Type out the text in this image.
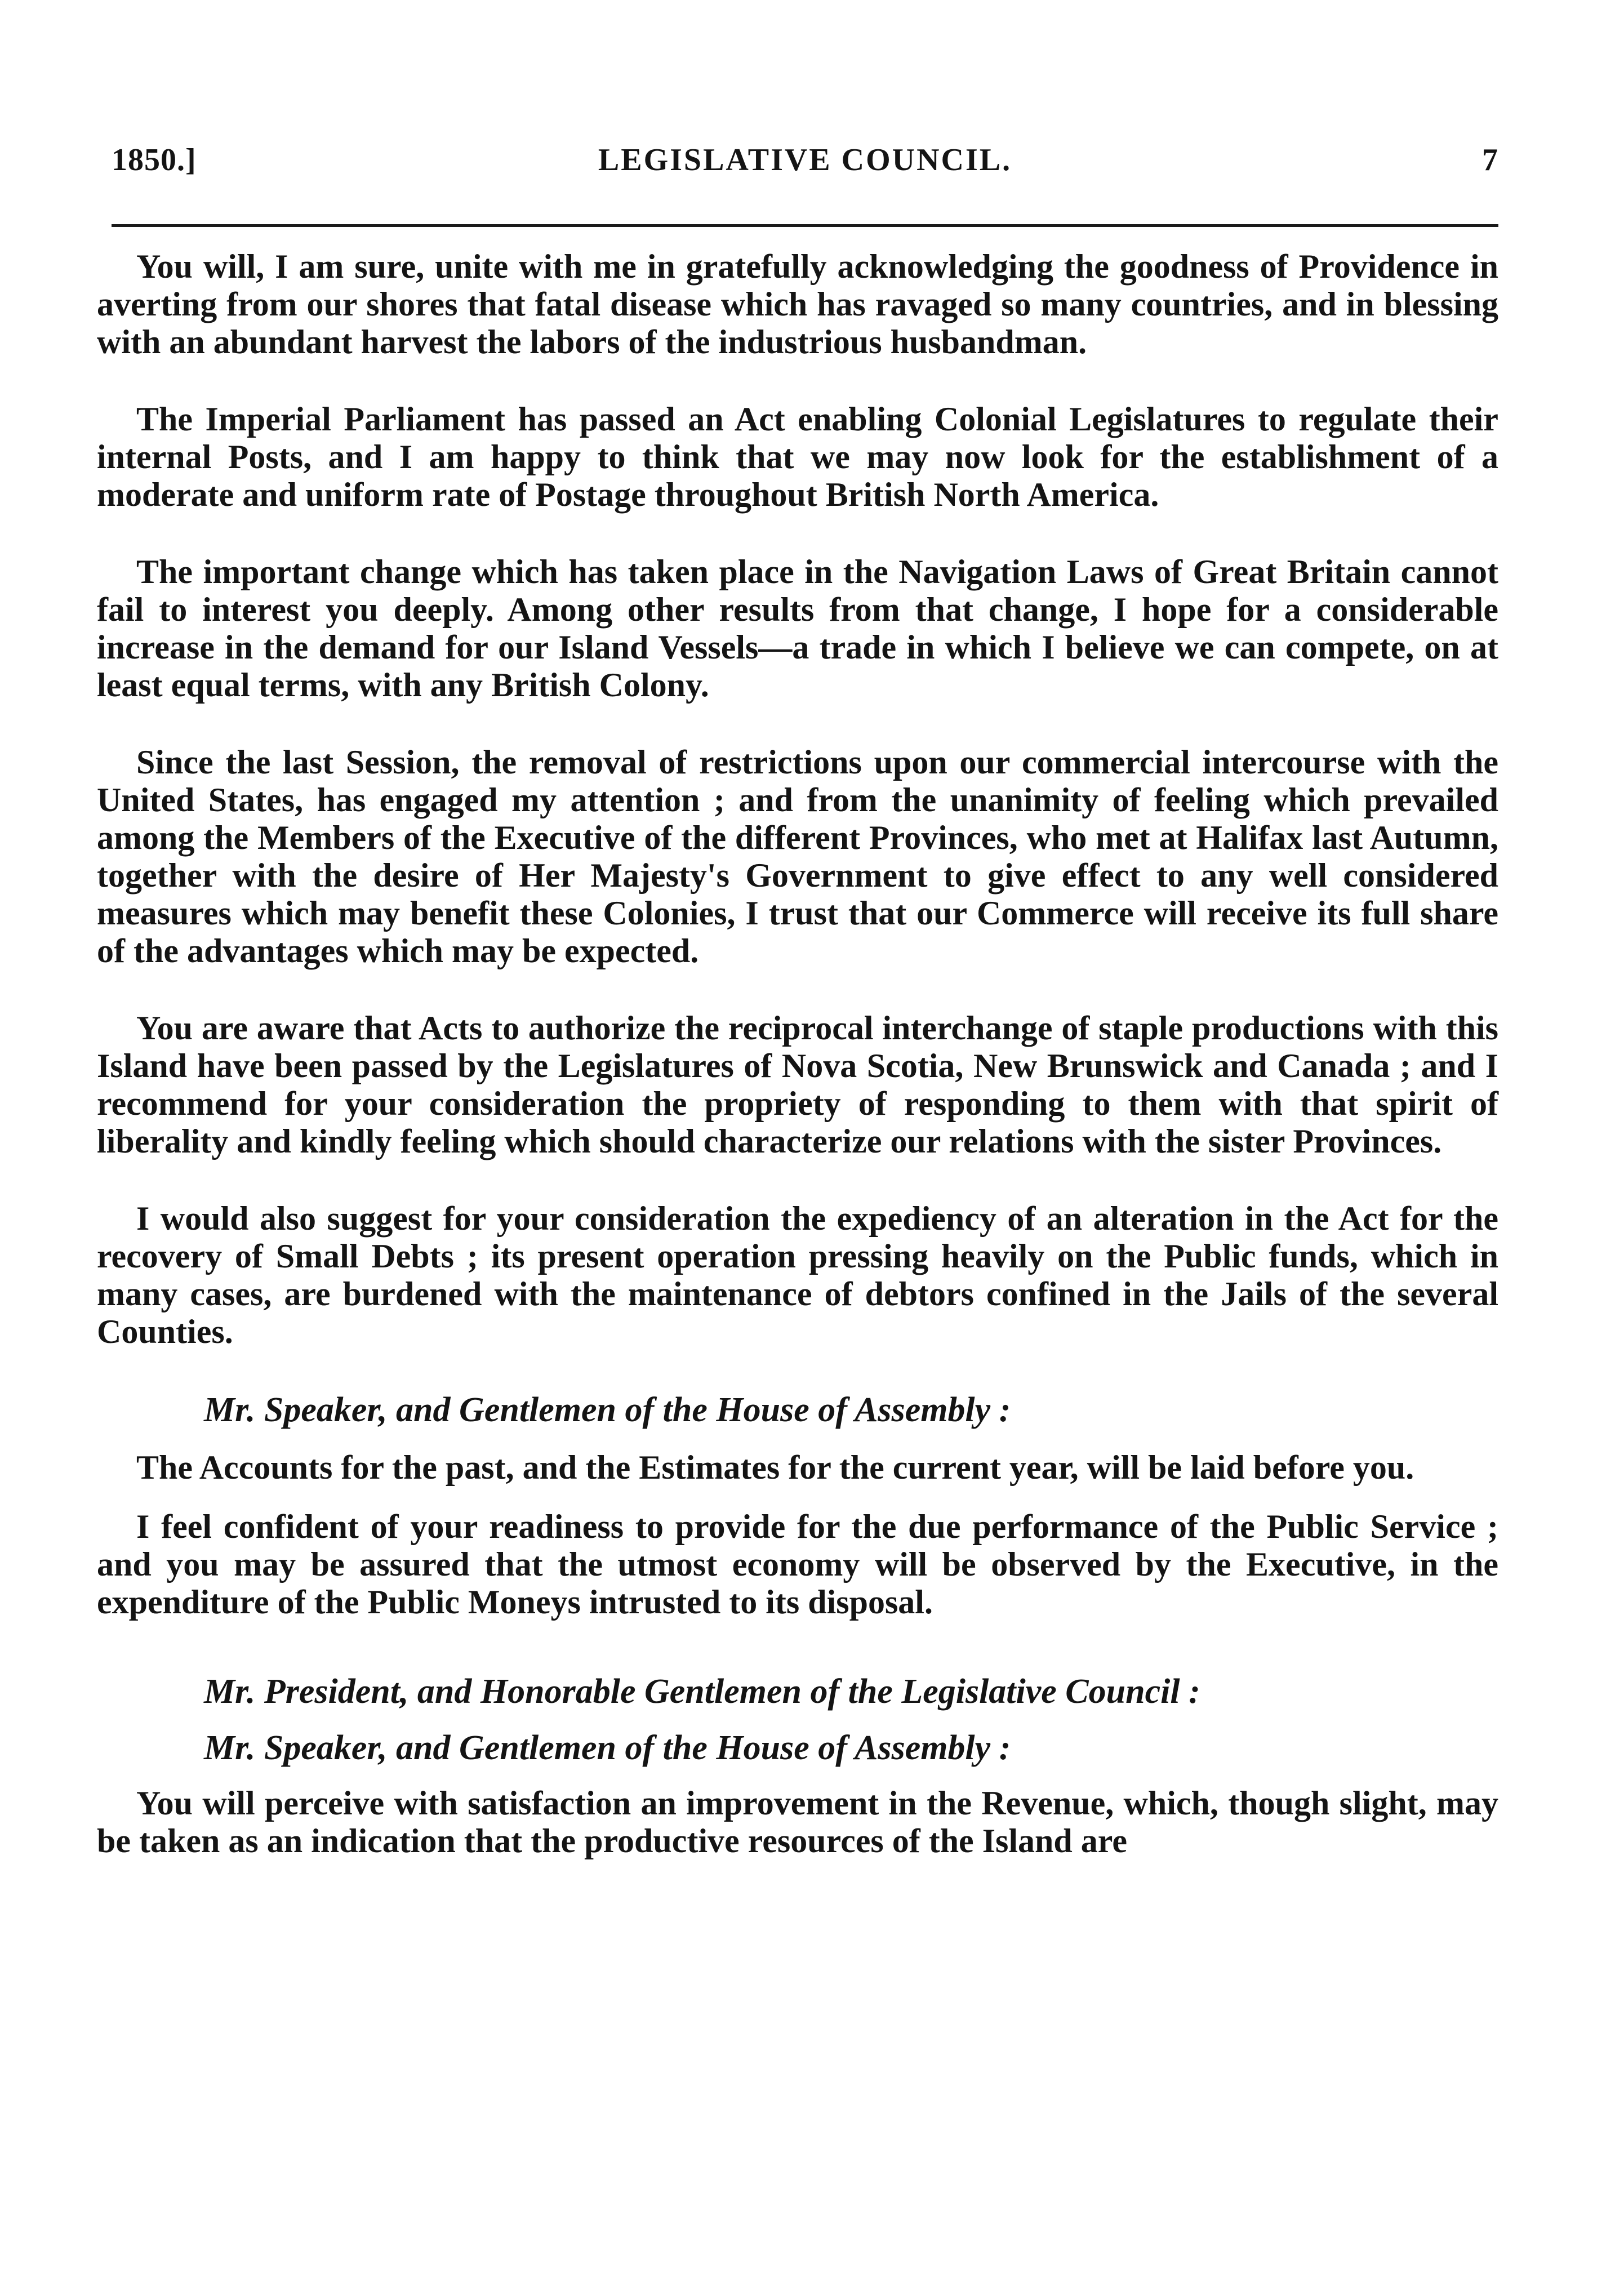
1850.]	LEGISLATIVE COUNCIL.	7

You will, I am sure, unite with me in gratefully acknowledging the goodness of Providence in averting from our shores that fatal disease which has ravaged so many countries, and in blessing with an abundant harvest the labors of the industrious husbandman.

The Imperial Parliament has passed an Act enabling Colonial Legislatures to regulate their internal Posts, and I am happy to think that we may now look for the establishment of a moderate and uniform rate of Postage throughout British North America.

The important change which has taken place in the Navigation Laws of Great Britain cannot fail to interest you deeply. Among other results from that change, I hope for a considerable increase in the demand for our Island Vessels—a trade in which I believe we can compete, on at least equal terms, with any British Colony.

Since the last Session, the removal of restrictions upon our commercial intercourse with the United States, has engaged my attention ; and from the unanimity of feeling which prevailed among the Members of the Executive of the different Provinces, who met at Halifax last Autumn, together with the desire of Her Majesty's Government to give effect to any well considered measures which may benefit these Colonies, I trust that our Commerce will receive its full share of the advantages which may be expected.

You are aware that Acts to authorize the reciprocal interchange of staple productions with this Island have been passed by the Legislatures of Nova Scotia, New Brunswick and Canada ; and I recommend for your consideration the propriety of responding to them with that spirit of liberality and kindly feeling which should characterize our relations with the sister Provinces.

I would also suggest for your consideration the expediency of an alteration in the Act for the recovery of Small Debts ; its present operation pressing heavily on the Public funds, which in many cases, are burdened with the maintenance of debtors confined in the Jails of the several Counties.

Mr. Speaker, and Gentlemen of the House of Assembly :

The Accounts for the past, and the Estimates for the current year, will be laid before you.

I feel confident of your readiness to provide for the due performance of the Public Service ; and you may be assured that the utmost economy will be observed by the Executive, in the expenditure of the Public Moneys intrusted to its disposal.

Mr. President, and Honorable Gentlemen of the Legislative Council :

Mr. Speaker, and Gentlemen of the House of Assembly :

You will perceive with satisfaction an improvement in the Revenue, which, though slight, may be taken as an indication that the productive resources of the Island are
